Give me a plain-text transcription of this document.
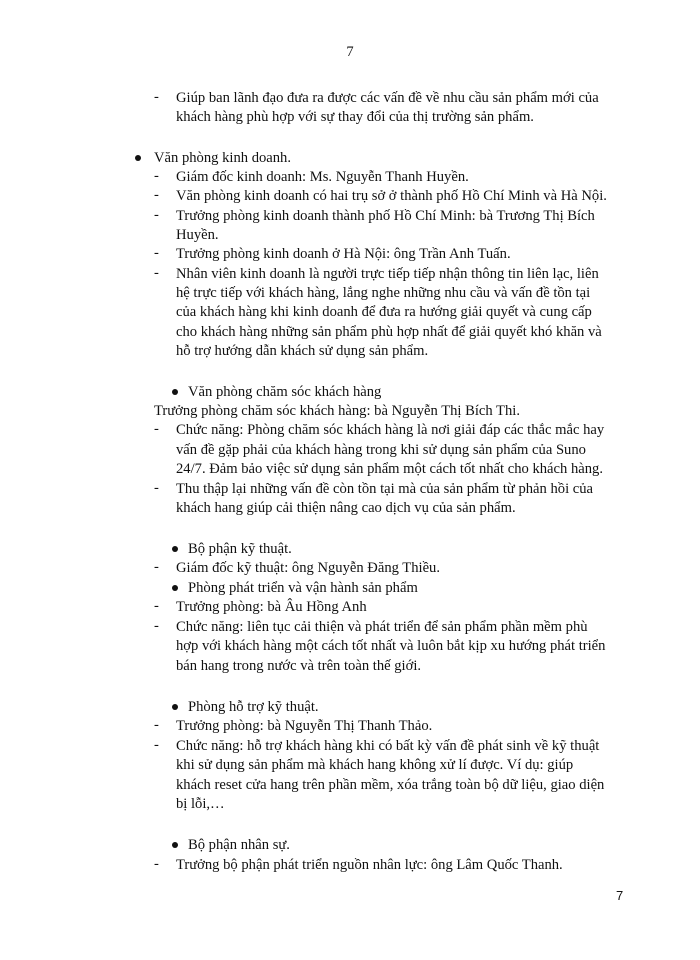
7
-	Giúp ban lãnh đạo đưa ra được các vấn đề về nhu cầu sản phẩm mới của
khách hàng phù hợp với sự thay đổi của thị trường sản phẩm.
Văn phòng kinh doanh.
-	Giám đốc kinh doanh: Ms. Nguyễn Thanh Huyền.
-	Văn phòng kinh doanh có hai trụ sở ở thành phố Hồ Chí Minh và Hà Nội.
-	Trưởng phòng kinh doanh thành phố Hồ Chí Minh: bà Trương Thị Bích
Huyền.
-	Trưởng phòng kinh doanh ở Hà Nội: ông Trần Anh Tuấn.
-	Nhân viên kinh doanh là người trực tiếp tiếp nhận thông tin liên lạc, liên
hệ trực tiếp với khách hàng, lắng nghe những nhu cầu và vấn đề tồn tại
của khách hàng khi kinh doanh để đưa ra hướng giải quyết và cung cấp
cho khách hàng những sản phẩm phù hợp nhất để giải quyết khó khăn và
hỗ trợ hướng dẫn khách sử dụng sản phẩm.
Văn phòng chăm sóc khách hàng
Trưởng phòng chăm sóc khách hàng: bà Nguyễn Thị Bích Thi.
-	Chức năng: Phòng chăm sóc khách hàng là nơi giải đáp các thắc mắc hay
vấn đề gặp phải của khách hàng trong khi sử dụng sản phẩm của Suno
24/7. Đảm bảo việc sử dụng sản phẩm một cách tốt nhất cho khách hàng.
-	Thu thập lại những vấn đề còn tồn tại mà của sản phẩm từ phản hồi của
khách hang giúp cải thiện nâng cao dịch vụ của sản phẩm.
Bộ phận kỹ thuật.
-	Giám đốc kỹ thuật: ông Nguyễn Đăng Thiều.
Phòng phát triển và vận hành sản phẩm
-	Trưởng phòng: bà Âu Hồng Anh
-	Chức năng: liên tục cải thiện và phát triển để sản phẩm phần mềm phù
hợp với khách hàng một cách tốt nhất và luôn bắt kịp xu hướng phát triển
bán hang trong nước và trên toàn thế giới.
Phòng hỗ trợ kỹ thuật.
-	Trưởng phòng: bà Nguyễn Thị Thanh Thảo.
-	Chức năng: hỗ trợ khách hàng khi có bất kỳ vấn đề phát sinh về kỹ thuật
khi sử dụng sản phẩm mà khách hang không xử lí được. Ví dụ: giúp
khách reset cửa hang trên phần mềm, xóa trắng toàn bộ dữ liệu, giao diện
bị lỗi,…
Bộ phận nhân sự.
-	Trưởng bộ phận phát triển nguồn nhân lực: ông Lâm Quốc Thanh.
7
